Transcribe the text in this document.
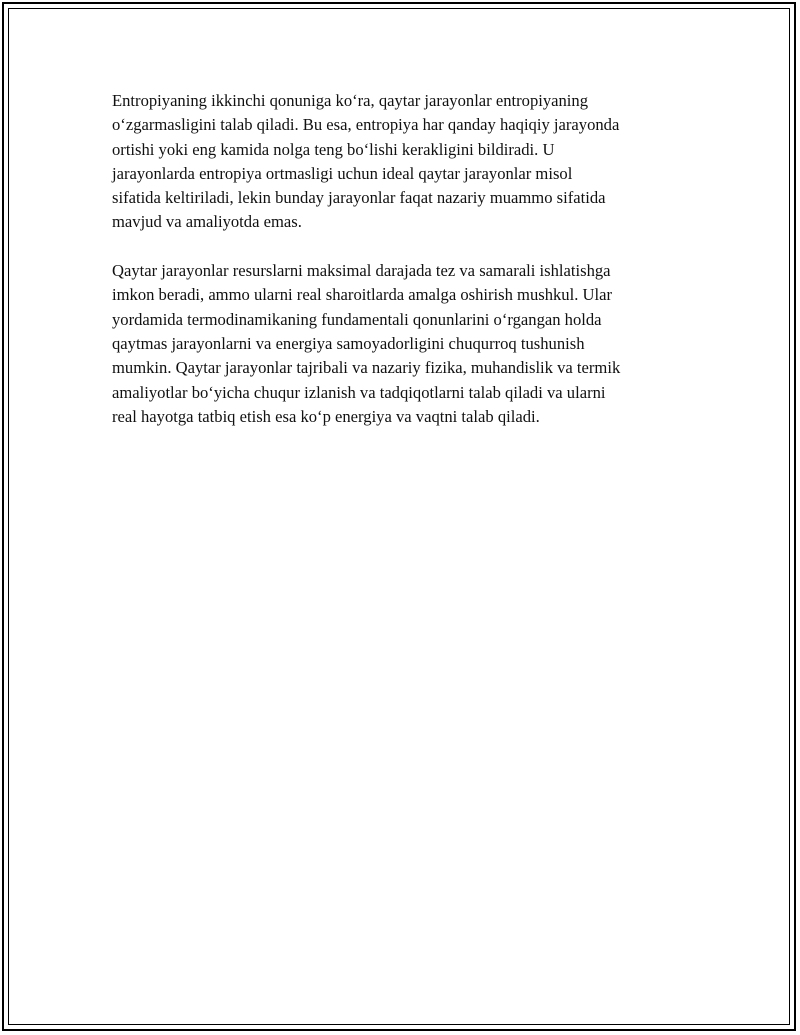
Entropiyaning ikkinchi qonuniga ko‘ra, qaytar jarayonlar entropiyaning
o‘zgarmasligini talab qiladi. Bu esa, entropiya har qanday haqiqiy jarayonda
ortishi yoki eng kamida nolga teng bo‘lishi kerakligini bildiradi. U
jarayonlarda entropiya ortmasligi uchun ideal qaytar jarayonlar misol
sifatida keltiriladi, lekin bunday jarayonlar faqat nazariy muammo sifatida
mavjud va amaliyotda emas.

Qaytar jarayonlar resurslarni maksimal darajada tez va samarali ishlatishga
imkon beradi, ammo ularni real sharoitlarda amalga oshirish mushkul. Ular
yordamida termodinamikaning fundamentali qonunlarini o‘rgangan holda
qaytmas jarayonlarni va energiya samoyadorligini chuqurroq tushunish
mumkin. Qaytar jarayonlar tajribali va nazariy fizika, muhandislik va termik
amaliyotlar bo‘yicha chuqur izlanish va tadqiqotlarni talab qiladi va ularni
real hayotga tatbiq etish esa ko‘p energiya va vaqtni talab qiladi.
